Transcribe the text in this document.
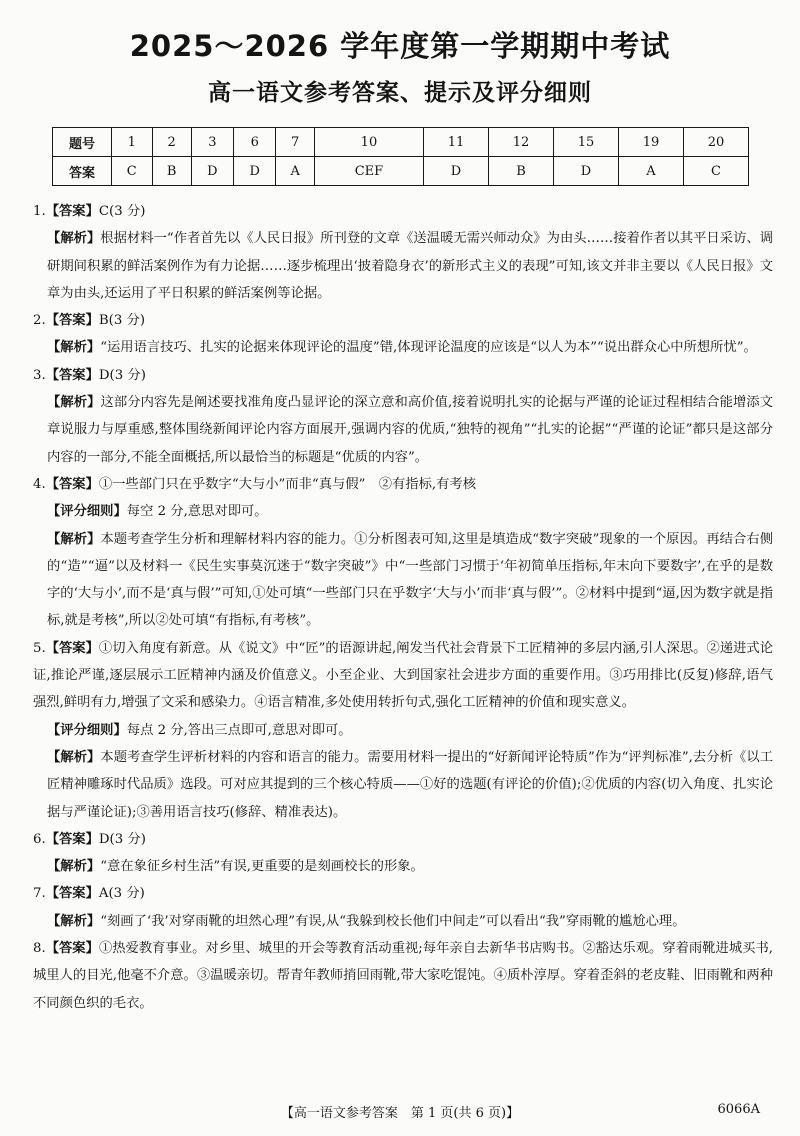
2025～2026 学年度第一学期期中考试
高一语文参考答案、提示及评分细则
题号	1	2	3	6	7	10	11	12	15	19	20
答案	C	B	D	D	A	CEF	D	B	D	A	C

1.【答案】C(3 分)

【解析】根据材料一“作者首先以《人民日报》所刊登的文章《送温暖无需兴师动众》为由头……接着作者以其平日采访、调研期间积累的鲜活案例作为有力论据……逐步梳理出‘披着隐身衣’的新形式主义的表现”可知,该文并非主要以《人民日报》文章为由头,还运用了平日积累的鲜活案例等论据。

2.【答案】B(3 分)

【解析】“运用语言技巧、扎实的论据来体现评论的温度”错,体现评论温度的应该是“以人为本”“说出群众心中所想所忧”。

3.【答案】D(3 分)

【解析】这部分内容先是阐述要找准角度凸显评论的深立意和高价值,接着说明扎实的论据与严谨的论证过程相结合能增添文章说服力与厚重感,整体围绕新闻评论内容方面展开,强调内容的优质,“独特的视角”“扎实的论据”“严谨的论证”都只是这部分内容的一部分,不能全面概括,所以最恰当的标题是“优质的内容”。

4.【答案】①一些部门只在乎数字“大与小”而非“真与假”　②有指标,有考核

【评分细则】每空 2 分,意思对即可。

【解析】本题考查学生分析和理解材料内容的能力。①分析图表可知,这里是填造成“数字突破”现象的一个原因。再结合右侧的“造”“逼”以及材料一《民生实事莫沉迷于“数字突破”》中“一些部门习惯于‘年初简单压指标,年末向下要数字’,在乎的是数字的‘大与小’,而不是‘真与假’”可知,①处可填“一些部门只在乎数字‘大与小’而非‘真与假’”。②材料中提到“逼,因为数字就是指标,就是考核”,所以②处可填“有指标,有考核”。

5.【答案】①切入角度有新意。从《说文》中“匠”的语源讲起,阐发当代社会背景下工匠精神的多层内涵,引人深思。②递进式论证,推论严谨,逐层展示工匠精神内涵及价值意义。小至企业、大到国家社会进步方面的重要作用。③巧用排比(反复)修辞,语气强烈,鲜明有力,增强了文采和感染力。④语言精准,多处使用转折句式,强化工匠精神的价值和现实意义。

【评分细则】每点 2 分,答出三点即可,意思对即可。

【解析】本题考查学生评析材料的内容和语言的能力。需要用材料一提出的“好新闻评论特质”作为“评判标准”,去分析《以工匠精神雕琢时代品质》选段。可对应其提到的三个核心特质——①好的选题(有评论的价值);②优质的内容(切入角度、扎实论据与严谨论证);③善用语言技巧(修辞、精准表达)。

6.【答案】D(3 分)

【解析】“意在象征乡村生活”有误,更重要的是刻画校长的形象。

7.【答案】A(3 分)

【解析】“刻画了‘我’对穿雨靴的坦然心理”有误,从“我躲到校长他们中间走”可以看出“我”穿雨靴的尴尬心理。

8.【答案】①热爱教育事业。对乡里、城里的开会等教育活动重视;每年亲自去新华书店购书。②豁达乐观。穿着雨靴进城买书,城里人的目光,他毫不介意。③温暖亲切。帮青年教师捎回雨靴,带大家吃馄饨。④质朴淳厚。穿着歪斜的老皮鞋、旧雨靴和两种不同颜色织的毛衣。

【高一语文参考答案　第 1 页(共 6 页)】	6066A
